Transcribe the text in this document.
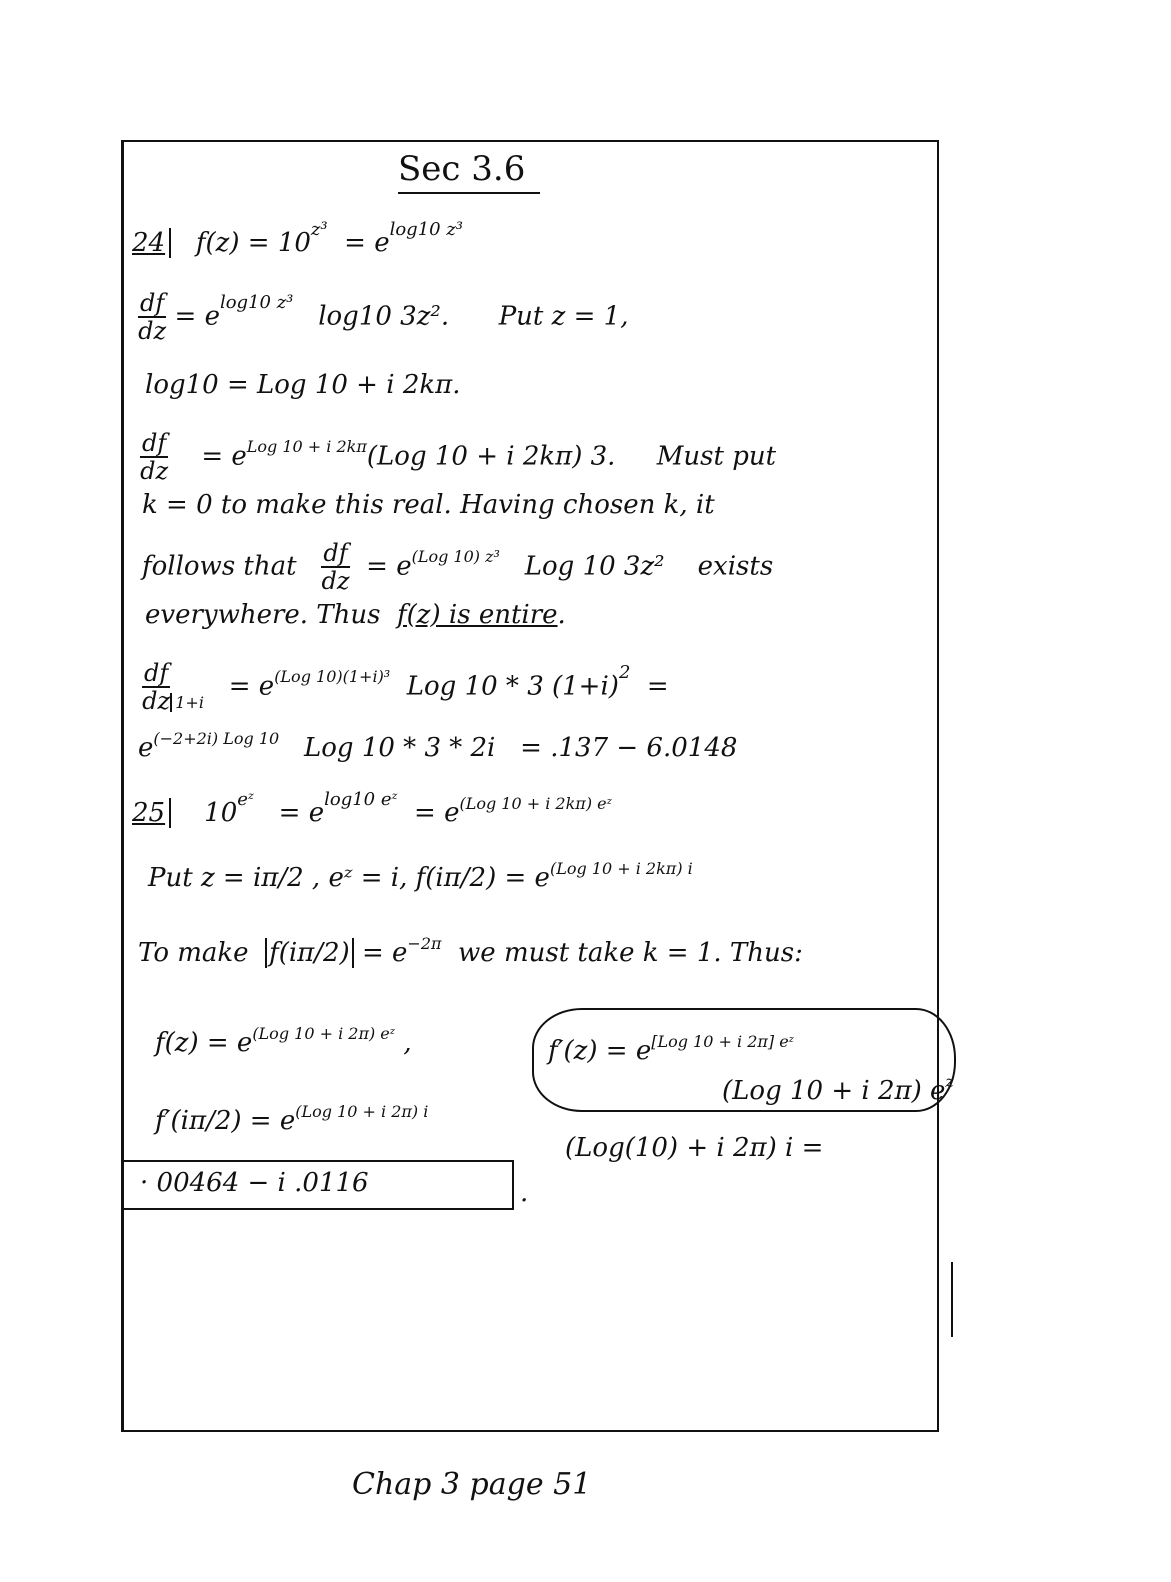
Sec 3.6
24 $f(z) = 10^{z^3} = e^{log10 z^3}$
$\frac{df}{dz} = e^{log10 z^3}$ log10 3z². Put z = 1,
log10 = Log 10 + i 2kπ.
$\frac{df}{dz} = e^{Log 10 + i 2k\pi}(Log$ 10 + i 2kπ) 3. Must put
k = 0 to make this real. Having chosen k, it
follows that $\frac{df}{dz} = e^{(Log 10) z^3}$ Log 10 3z² exists
everywhere. Thus f(z) is entire.
$\frac{df}{dz} _{1+i} = e^{(Log 10)(1+i)^3}$ Log 10 * 3 $(1+i)^2$ =
$e^{(-2+2i) Log 10}$ Log 10 * 3 * 2i = .137 − 6.0148
25 $10^{eᶻ} = e^{log10 eᶻ} = e^{(Log 10 + i 2k\pi) eᶻ}$
Put z = iπ/2 , eᶻ = i, $f(i\pi/2) = e^{(Log 10 + i 2k\pi) i}$
To make $f(i\pi/2) = e^{-2\pi}$ we must take k = 1. Thus:
$f(z) = e^{(Log 10 + i 2\pi) eᶻ}$ ,	$f'(z) = e^{[Log 10 + i 2\pi] eᶻ}$
(Log 10 + i 2π) $e^z$
$f'(i\pi/2) = e^{(Log 10 + i 2\pi) i}$
(Log(10) + i 2π) i =
· 00464 − i .0116	.
Chap 3 page 51
